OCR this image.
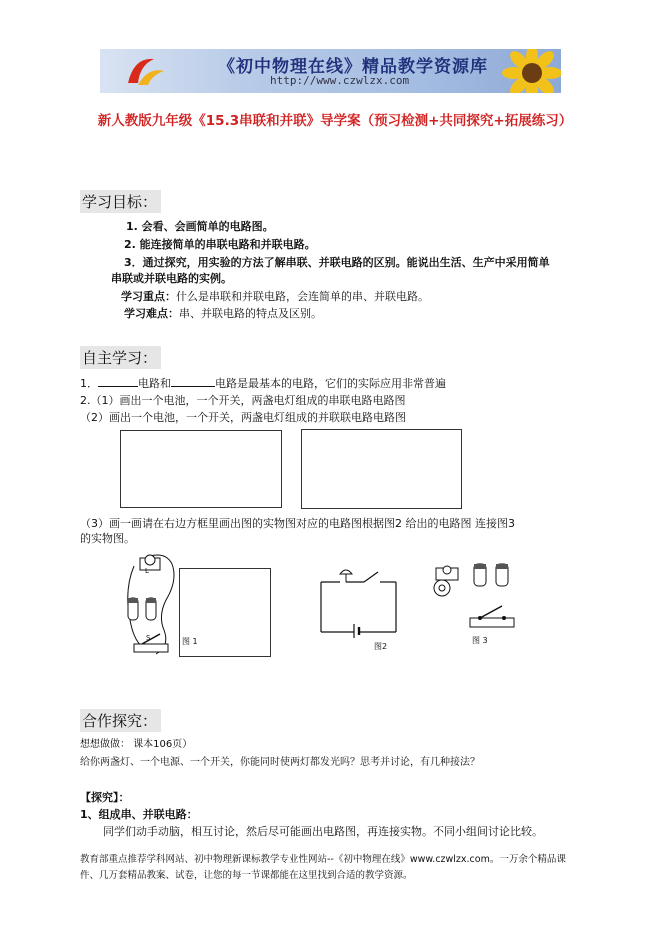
《初中物理在线》精品教学资源库
http://www.czwlzx.com
新人教版九年级《15.3串联和并联》导学案（预习检测+共同探究+拓展练习）
学习目标：
1. 会看、会画简单的电路图。
2. 能连接简单的串联电路和并联电路。
3．通过探究，用实验的方法了解串联、并联电路的区别。能说出生活、生产中采用简单
串联或并联电路的实例。
学习重点：什么是串联和并联电路，会连简单的串、并联电路。
学习难点：串、并联电路的特点及区别。
自主学习：
1．	电路和	电路是最基本的电路，它们的实际应用非常普遍
2.（1）画出一个电池，一个开关，两盏电灯组成的串联电路电路图
（2）画出一个电池，一个开关，两盏电灯组成的并联联电路电路图
（3）画一画请在右边方框里画出图的实物图对应的电路图根据图2 给出的电路图 连接图3
的实物图。
L
S	图 1
图2
图 3
合作探究：
想想做做： 课本106页）
给你两盏灯、一个电源、一个开关，你能同时使两灯都发光吗？思考并讨论，有几种接法？
【探究】：
1、组成串、并联电路：
同学们动手动脑，相互讨论，然后尽可能画出电路图，再连接实物。不同小组间讨论比较。
教育部重点推荐学科网站、初中物理新课标教学专业性网站--《初中物理在线》www.czwlzx.com。一万余个精品课
件、几万套精品教案、试卷，让您的每一节课都能在这里找到合适的教学资源。
